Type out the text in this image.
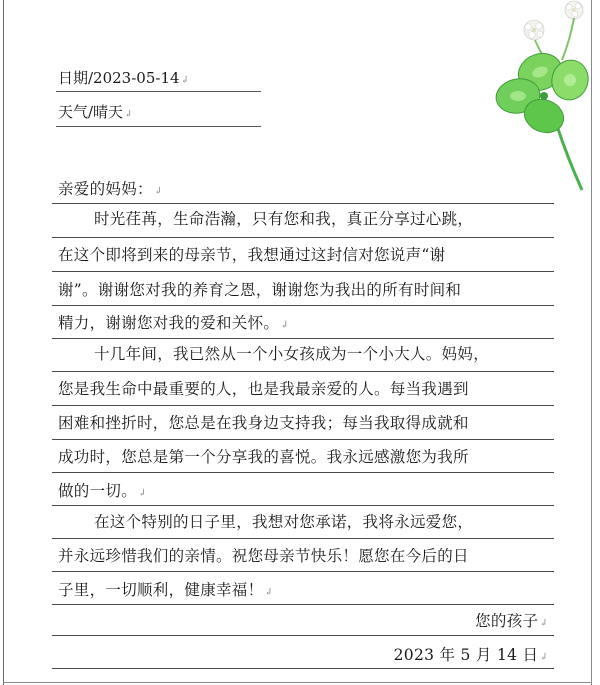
日期/2023-05-14↲
天气/晴天↲
亲爱的妈妈：↲
时光荏苒，生命浩瀚，只有您和我，真正分享过心跳，
在这个即将到来的母亲节，我想通过这封信对您说声“谢
谢”。谢谢您对我的养育之恩，谢谢您为我出的所有时间和
精力，谢谢您对我的爱和关怀。↲
十几年间，我已然从一个小女孩成为一个小大人。妈妈，
您是我生命中最重要的人，也是我最亲爱的人。每当我遇到
困难和挫折时，您总是在我身边支持我；每当我取得成就和
成功时，您总是第一个分享我的喜悦。我永远感激您为我所
做的一切。↲
在这个特别的日子里，我想对您承诺，我将永远爱您，
并永远珍惜我们的亲情。祝您母亲节快乐！愿您在今后的日
子里，一切顺利，健康幸福！↲
您的孩子↲
2023 年 5 月 14 日↲
